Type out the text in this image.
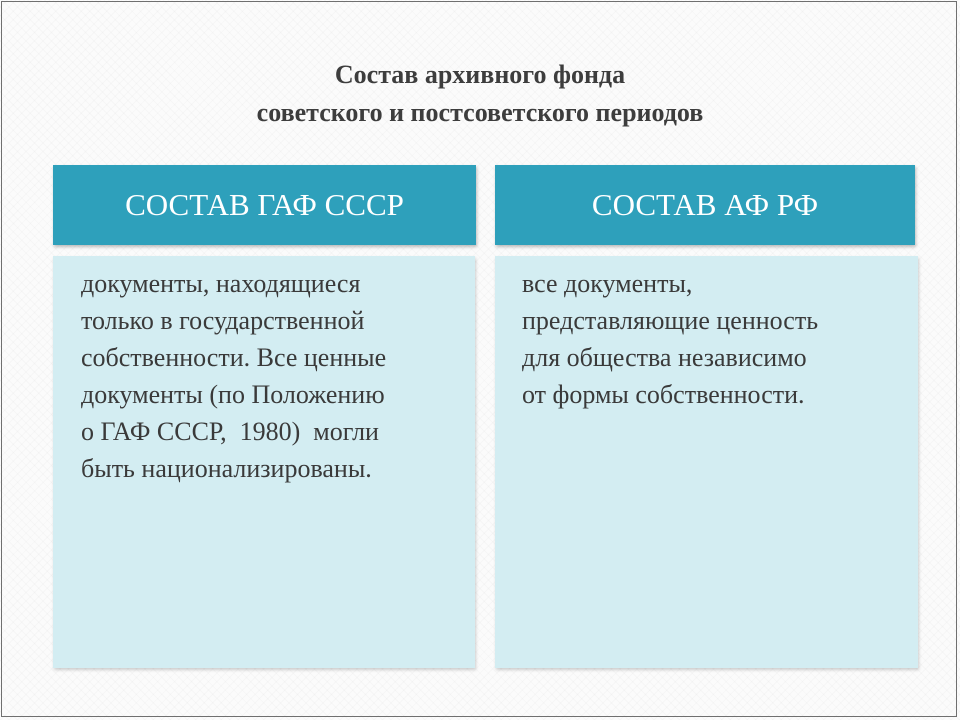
Состав архивного фонда
советского и постсоветского периодов
СОСТАВ ГАФ СССР	СОСТАВ АФ РФ
документы, находящиеся
только в государственной
собственности. Все ценные
документы (по Положению
о ГАФ СССР,  1980)  могли
быть национализированы.
все документы,
представляющие ценность
для общества независимо
от формы собственности.
